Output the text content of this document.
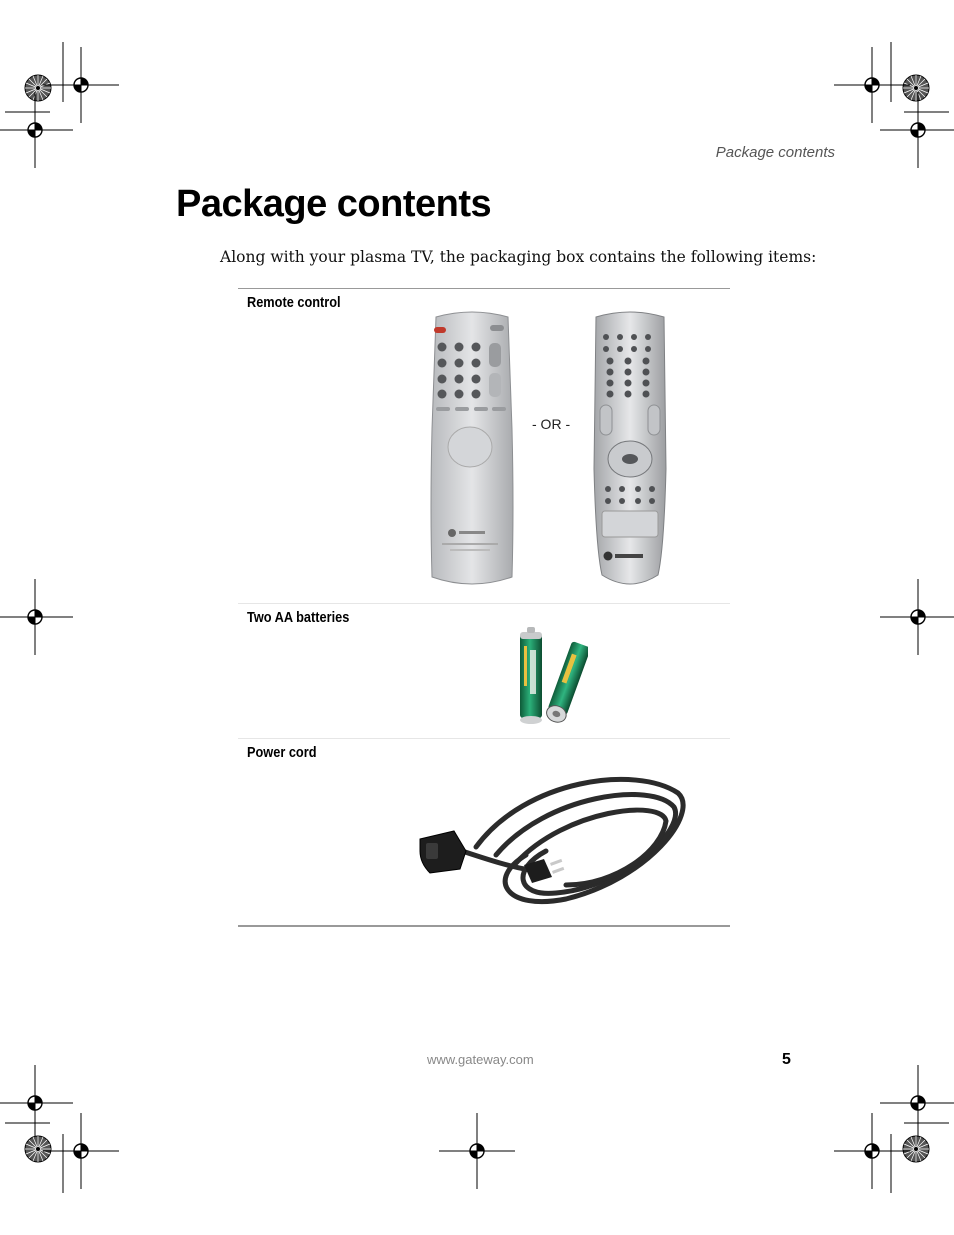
Package contents
Package contents

Along with your plasma TV, the packaging box contains the following items:

Remote control
- OR -
Two AA batteries
Power cord
www.gateway.com	5
